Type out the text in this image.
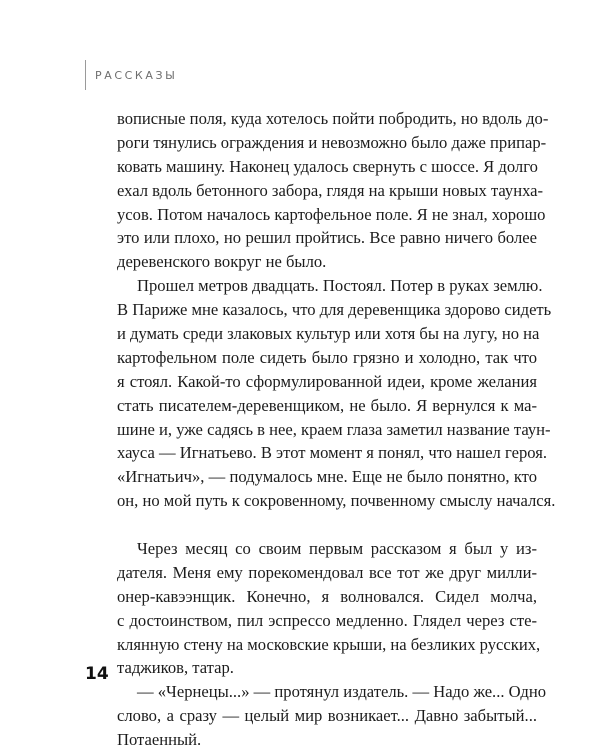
РАССКАЗЫ
вописные поля, куда хотелось пойти побродить, но вдоль до-
роги тянулись ограждения и невозможно было даже припар-
ковать машину. Наконец удалось свернуть с шоссе. Я долго
ехал вдоль бетонного забора, глядя на крыши новых таунха-
усов. Потом началось картофельное поле. Я не знал, хорошо
это или плохо, но решил пройтись. Все равно ничего более
деревенского вокруг не было.
Прошел метров двадцать. Постоял. Потер в руках землю.
В Париже мне казалось, что для деревенщика здорово сидеть
и думать среди злаковых культур или хотя бы на лугу, но на
картофельном поле сидеть было грязно и холодно, так что
я стоял. Какой-то сформулированной идеи, кроме желания
стать писателем-деревенщиком, не было. Я вернулся к ма-
шине и, уже садясь в нее, краем глаза заметил название таун-
хауса — Игнатьево. В этот момент я понял, что нашел героя.
«Игнатьич», — подумалось мне. Еще не было понятно, кто
он, но мой путь к сокровенному, почвенному смыслу начался.
Через месяц со своим первым рассказом я был у из-
дателя. Меня ему порекомендовал все тот же друг милли-
онер-кавээнщик. Конечно, я волновался. Сидел молча,
с достоинством, пил эспрессо медленно. Глядел через сте-
клянную стену на московские крыши, на безликих русских,
таджиков, татар.
— «Чернецы...» — протянул издатель. — Надо же... Одно
слово, а сразу — целый мир возникает... Давно забытый...
Потаенный.
14
